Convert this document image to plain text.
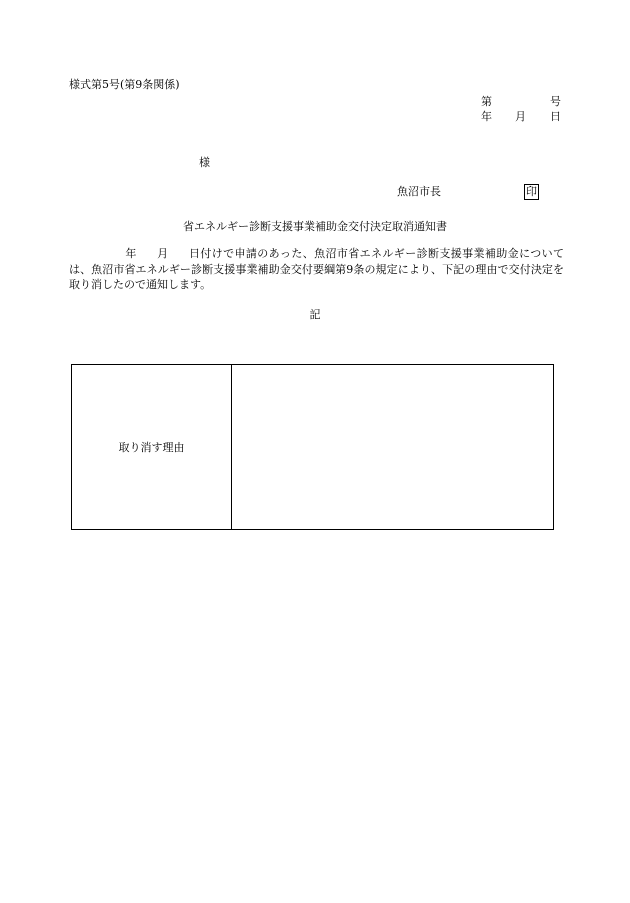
様式第5号(第9条関係)
第	号
年 月 日
様
魚沼市長	印
省エネルギー診断支援事業補助金交付決定取消通知書
年 月 日付けで申請のあった、魚沼市省エネルギー診断支援事業補助金については、魚沼市省エネルギー診断支援事業補助金交付要綱第9条の規定により、下記の理由で交付決定を取り消したので通知します。
記
取り消す理由
